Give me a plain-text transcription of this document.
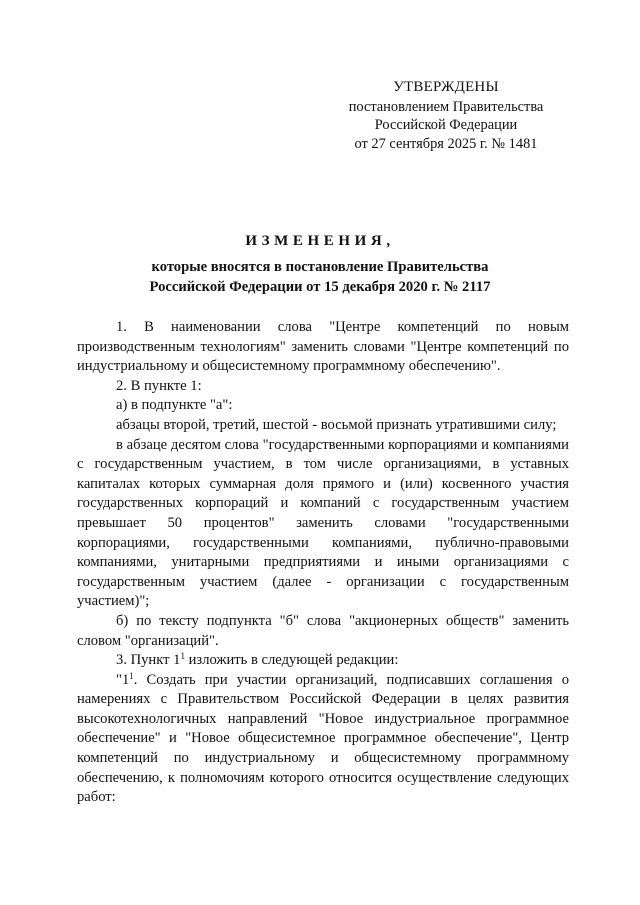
УТВЕРЖДЕНЫ
постановлением Правительства
Российской Федерации
от 27 сентября 2025 г. № 1481
ИЗМЕНЕНИЯ,
которые вносятся в постановление Правительства
Российской Федерации от 15 декабря 2020 г. № 2117

1. В наименовании слова "Центре компетенций по новым производственным технологиям" заменить словами "Центре компетенций по индустриальному и общесистемному программному обеспечению".

2. В пункте 1:

а) в подпункте "а":

абзацы второй, третий, шестой - восьмой признать утратившими силу;

в абзаце десятом слова "государственными корпорациями и компаниями с государственным участием, в том числе организациями, в уставных капиталах которых суммарная доля прямого и (или) косвенного участия государственных корпораций и компаний с государственным участием превышает 50 процентов" заменить словами "государственными корпорациями, государственными компаниями, публично-правовыми компаниями, унитарными предприятиями и иными организациями с государственным участием (далее - организации с государственным участием)";

б) по тексту подпункта "б" слова "акционерных обществ" заменить словом "организаций".

3. Пункт $1^1$ изложить в следующей редакции:

"$1^1$. Создать при участии организаций, подписавших соглашения о намерениях с Правительством Российской Федерации в целях развития высокотехнологичных направлений "Новое индустриальное программное обеспечение" и "Новое общесистемное программное обеспечение", Центр компетенций по индустриальному и общесистемному программному обеспечению, к полномочиям которого относится осуществление следующих работ:
